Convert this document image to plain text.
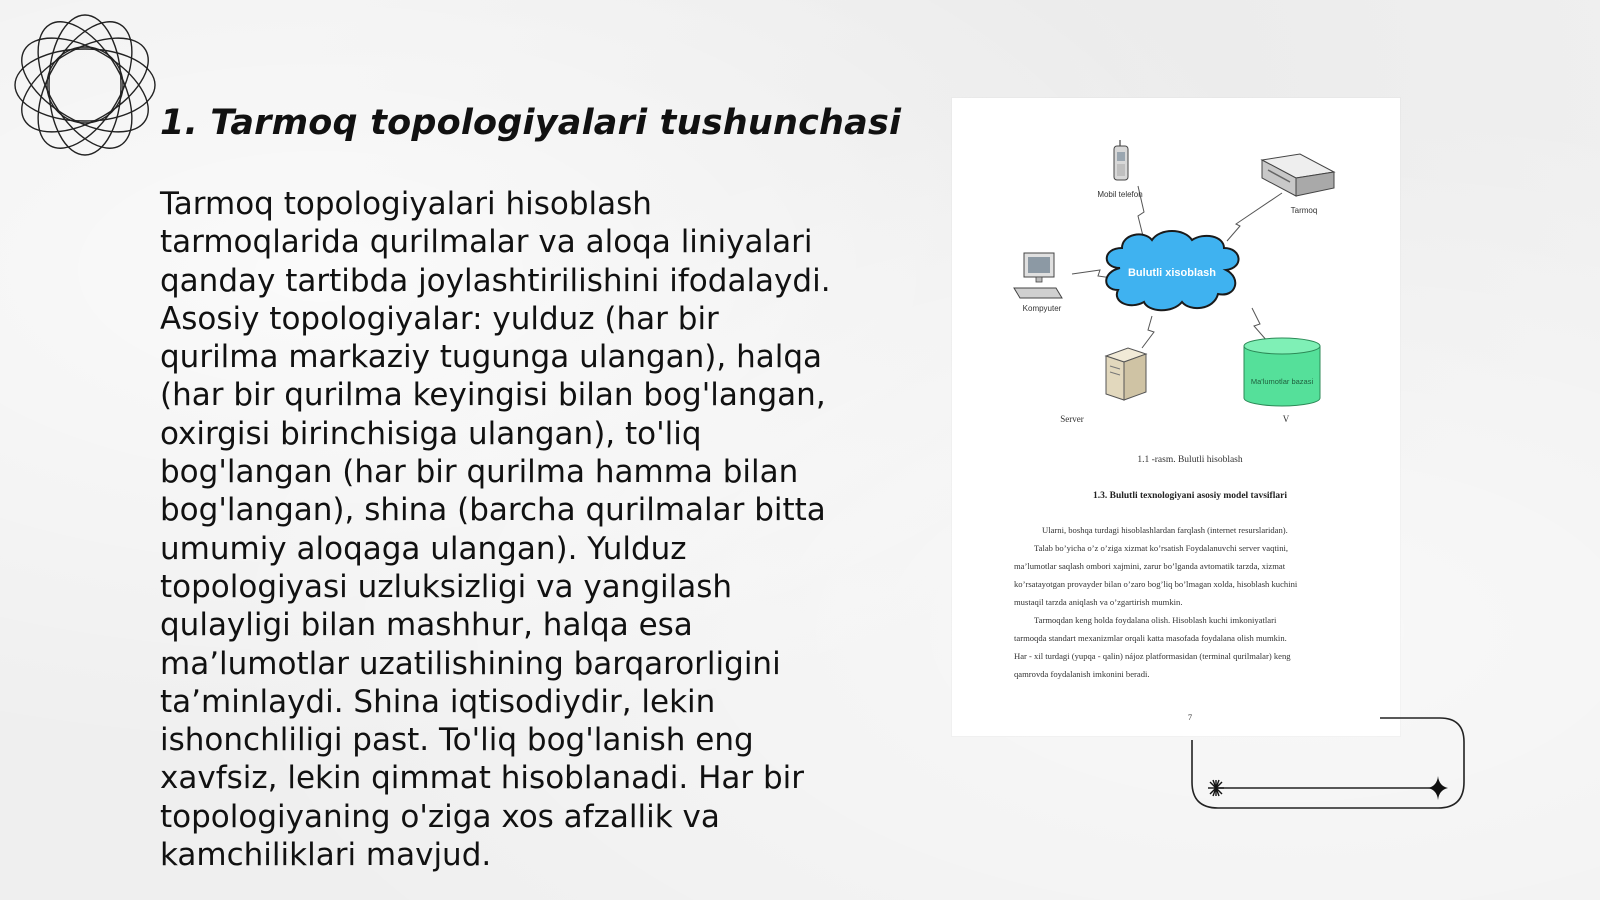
1. Tarmoq topologiyalari tushunchasi

Tarmoq topologiyalari hisoblash tarmoqlarida qurilmalar va aloqa liniyalari qanday tartibda joylashtirilishini ifodalaydi. Asosiy topologiyalar: yulduz (har bir qurilma markaziy tugunga ulangan), halqa (har bir qurilma keyingisi bilan bog'langan, oxirgisi birinchisiga ulangan), to'liq bog'langan (har bir qurilma hamma bilan bog'langan), shina (barcha qurilmalar bitta umumiy aloqaga ulangan). Yulduz topologiyasi uzluksizligi va yangilash qulayligi bilan mashhur, halqa esa ma’lumotlar uzatilishining barqarorligini ta’minlaydi. Shina iqtisodiydir, lekin ishonchliligi past. To'liq bog'lanish eng xavfsiz, lekin qimmat hisoblanadi. Har bir topologiyaning o'ziga xos afzallik va kamchiliklari mavjud.

Bulutli xisoblash
Mobil telefon
Tarmoq
Kompyuter
Server
Ma'lumotlar bazasi
V
1.1 -rasm. Bulutli hisoblash
1.3. Bulutli texnologiyani asosiy model tavsiflari
Ularni, boshqa turdagi hisoblashlardan farqlash (internet resurslaridan).
Talab bo’yicha o’z o’ziga xizmat ko’rsatish Foydalanuvchi server vaqtini,
ma’lumotlar saqlash ombori xajmini, zarur bo’lganda avtomatik tarzda, xizmat
ko’rsatayotgan provayder bilan o’zaro bog’liq bo’lmagan xolda, hisoblash kuchini
mustaqil tarzda aniqlash va o’zgartirish mumkin.
Tarmoqdan keng holda foydalana olish. Hisoblash kuchi imkoniyatlari
tarmoqda standart mexanizmlar orqali katta masofada foydalana olish mumkin.
Har - xil turdagi (yupqa - qalin) nájoz platformasidan (terminal qurilmalar) keng
qamrovda foydalanish imkonini beradi.
7
